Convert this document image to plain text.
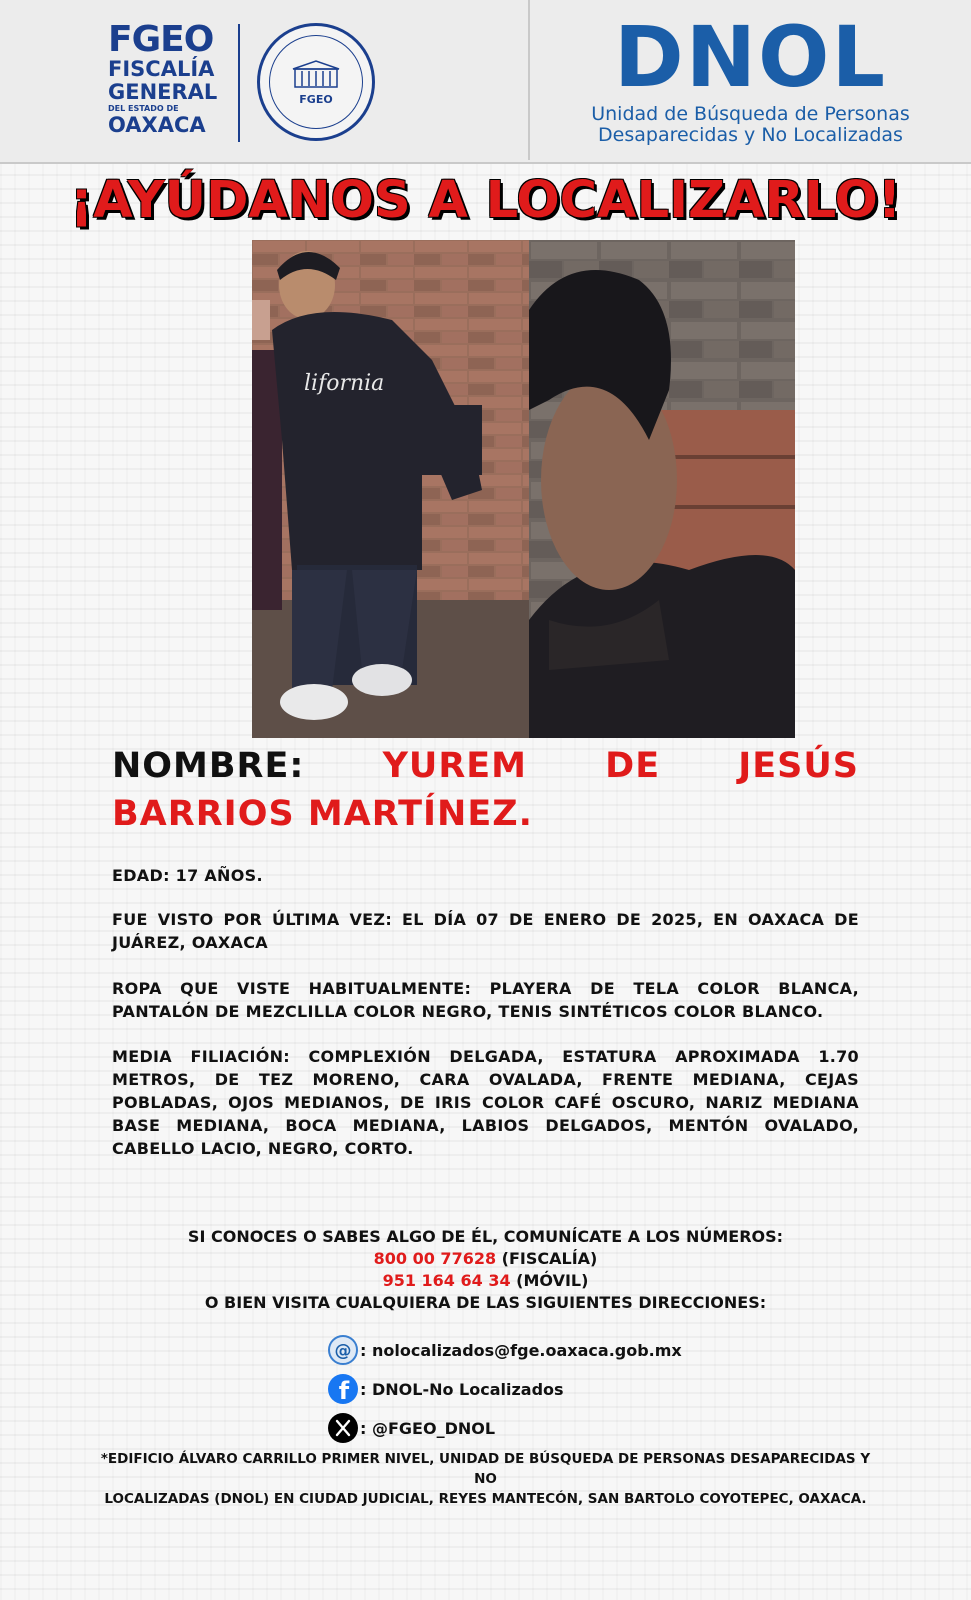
FGEO
FISCALÍA
GENERAL
DEL ESTADO DE
OAXACA
FGEO	DNOL
Unidad de Búsqueda de Personas
Desaparecidas y No Localizadas
¡AYÚDANOS A LOCALIZARLO!
lifornia
NOMBRE: YUREM DE JESÚS BARRIOS MARTÍNEZ.
EDAD: 17 AÑOS.
FUE VISTO POR ÚLTIMA VEZ: EL DÍA 07 DE ENERO DE 2025, EN OAXACA DE JUÁREZ, OAXACA
ROPA QUE VISTE HABITUALMENTE: PLAYERA DE TELA COLOR BLANCA, PANTALÓN DE MEZCLILLA COLOR NEGRO, TENIS SINTÉTICOS COLOR BLANCO.
MEDIA FILIACIÓN: COMPLEXIÓN DELGADA, ESTATURA APROXIMADA 1.70 METROS, DE TEZ MORENO, CARA OVALADA, FRENTE MEDIANA, CEJAS POBLADAS, OJOS MEDIANOS, DE IRIS COLOR CAFÉ OSCURO, NARIZ MEDIANA BASE MEDIANA, BOCA MEDIANA, LABIOS DELGADOS, MENTÓN OVALADO, CABELLO LACIO, NEGRO, CORTO.
SI CONOCES O SABES ALGO DE ÉL, COMUNÍCATE A LOS NÚMEROS:
800 00 77628 (FISCALÍA)
951 164 64 34 (MÓVIL)
O BIEN VISITA CUALQUIERA DE LAS SIGUIENTES DIRECCIONES:
@ : nolocalizados@fge.oaxaca.gob.mx
f : DNOL-No Localizados
: @FGEO_DNOL
*EDIFICIO ÁLVARO CARRILLO PRIMER NIVEL, UNIDAD DE BÚSQUEDA DE PERSONAS DESAPARECIDAS Y NO
LOCALIZADAS (DNOL) EN CIUDAD JUDICIAL, REYES MANTECÓN, SAN BARTOLO COYOTEPEC, OAXACA.
